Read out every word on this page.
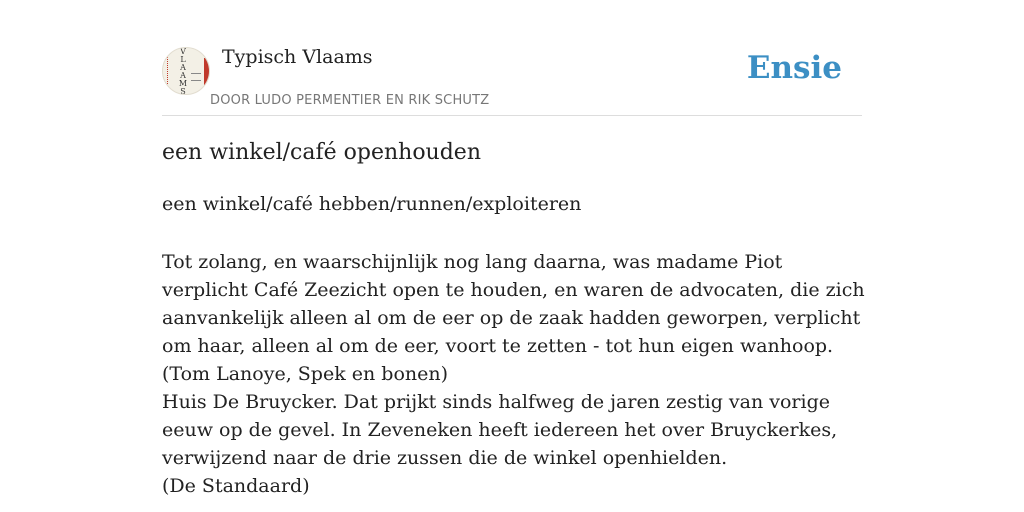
V
L
A
A
M
S
Typisch Vlaams
DOOR LUDO PERMENTIER EN RIK SCHUTZ
Ensie
een winkel/café openhouden
een winkel/café hebben/runnen/exploiteren

Tot zolang, en waarschijnlijk nog lang daarna, was madame Piot verplicht Café Zeezicht open te houden, en waren de advocaten, die zich aanvankelijk alleen al om de eer op de zaak hadden geworpen, verplicht om haar, alleen al om de eer, voort te zetten - tot hun eigen wanhoop.

(Tom Lanoye, Spek en bonen)

Huis De Bruycker. Dat prijkt sinds halfweg de jaren zestig van vorige eeuw op de gevel. In Zeveneken heeft iedereen het over Bruyckerkes, verwijzend naar de drie zussen die de winkel openhielden.

(De Standaard)
